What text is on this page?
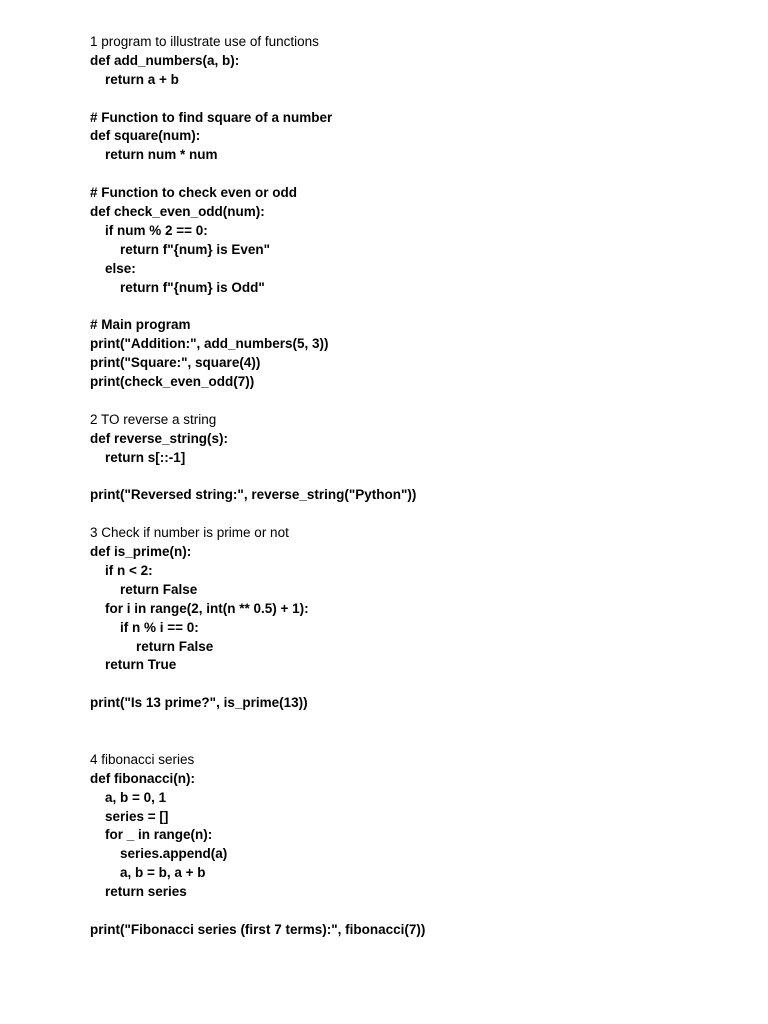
1 program to illustrate use of functions
def add_numbers(a, b):
return a + b
# Function to find square of a number
def square(num):
return num * num
# Function to check even or odd
def check_even_odd(num):
if num % 2 == 0:
return f"{num} is Even"
else:
return f"{num} is Odd"
# Main program
print("Addition:", add_numbers(5, 3))
print("Square:", square(4))
print(check_even_odd(7))
2 TO reverse a string
def reverse_string(s):
return s[::-1]
print("Reversed string:", reverse_string("Python"))
3 Check if number is prime or not
def is_prime(n):
if n < 2:
return False
for i in range(2, int(n ** 0.5) + 1):
if n % i == 0:
return False
return True
print("Is 13 prime?", is_prime(13))
4 fibonacci series
def fibonacci(n):
a, b = 0, 1
series = []
for _ in range(n):
series.append(a)
a, b = b, a + b
return series
print("Fibonacci series (first 7 terms):", fibonacci(7))
